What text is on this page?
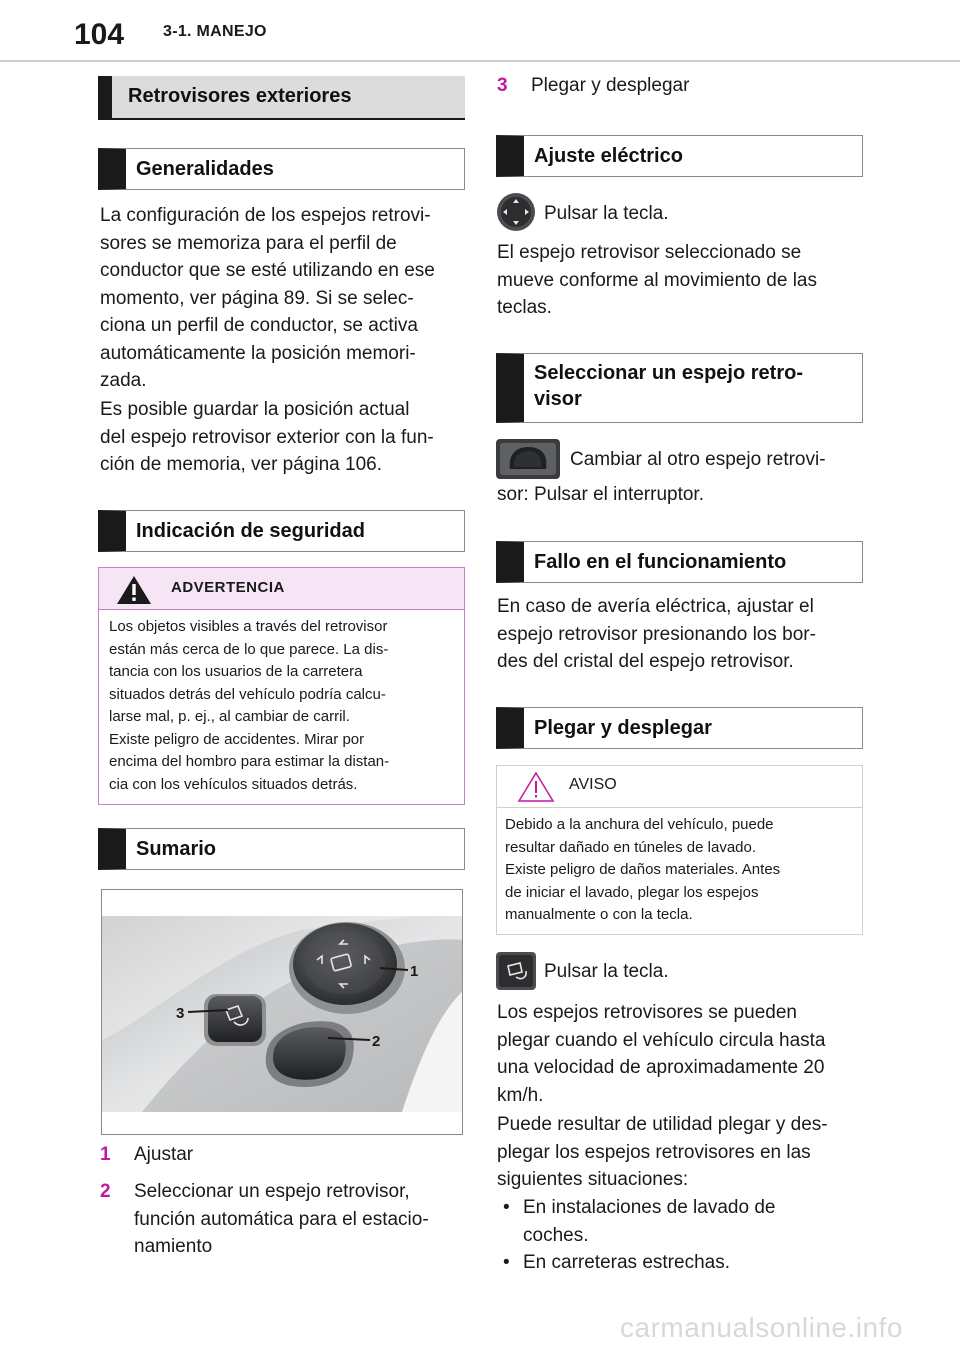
104 3-1. MANEJO
Retrovisores exteriores
Generalidades
La configuración de los espejos retrovi-
sores se memoriza para el perfil de
conductor que se esté utilizando en ese
momento, ver página 89. Si se selec-
ciona un perfil de conductor, se activa
automáticamente la posición memori-
zada.
Es posible guardar la posición actual
del espejo retrovisor exterior con la fun-
ción de memoria, ver página 106.
Indicación de seguridad
ADVERTENCIA
Los objetos visibles a través del retrovisor
están más cerca de lo que parece. La dis-
tancia con los usuarios de la carretera
situados detrás del vehículo podría calcu-
larse mal, p. ej., al cambiar de carril.
Existe peligro de accidentes. Mirar por
encima del hombro para estimar la distan-
cia con los vehículos situados detrás.
Sumario
1
2
3
1 Ajustar
2 Seleccionar un espejo retrovisor,
función automática para el estacio-
namiento
3 Plegar y desplegar
Ajuste eléctrico
Pulsar la tecla.
El espejo retrovisor seleccionado se
mueve conforme al movimiento de las
teclas.
Seleccionar un espejo retro-
visor
Cambiar al otro espejo retrovi-
sor: Pulsar el interruptor.
Fallo en el funcionamiento
En caso de avería eléctrica, ajustar el
espejo retrovisor presionando los bor-
des del cristal del espejo retrovisor.
Plegar y desplegar
AVISO
Debido a la anchura del vehículo, puede
resultar dañado en túneles de lavado.
Existe peligro de daños materiales. Antes
de iniciar el lavado, plegar los espejos
manualmente o con la tecla.
Pulsar la tecla.
Los espejos retrovisores se pueden
plegar cuando el vehículo circula hasta
una velocidad de aproximadamente 20
km/h.
Puede resultar de utilidad plegar y des-
plegar los espejos retrovisores en las
siguientes situaciones:
• En instalaciones de lavado de
coches.
• En carreteras estrechas.
carmanualsonline.info
